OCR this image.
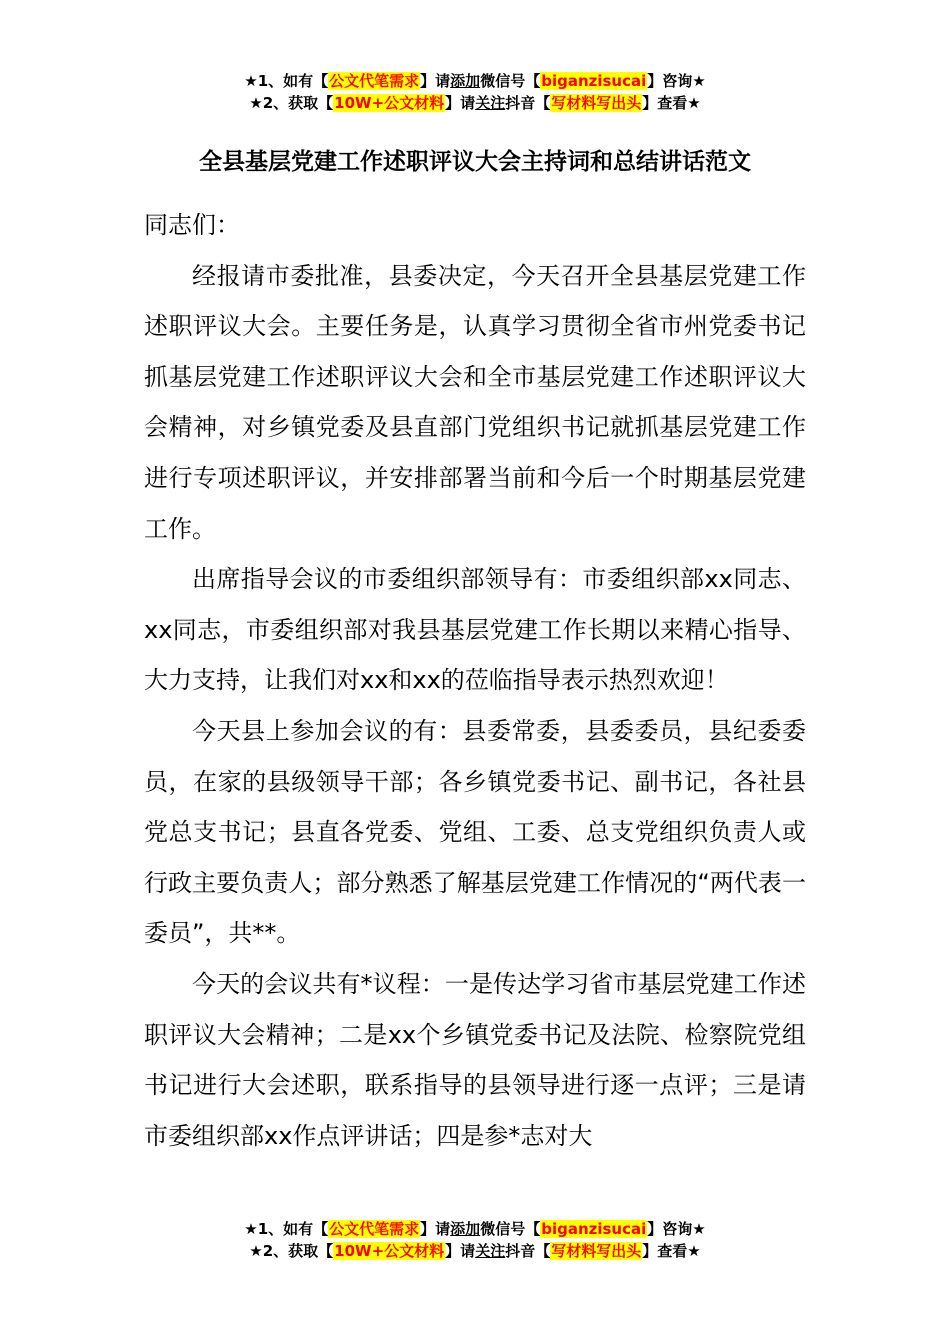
★1、如有【公文代笔需求】请添加微信号【biganzisucai】咨询★
★2、获取【10W+公文材料】请关注抖音【写材料写出头】查看★
全县基层党建工作述职评议大会主持词和总结讲话范文

同志们：

经报请市委批准，县委决定，今天召开全县基层党建工作述职评议大会。主要任务是，认真学习贯彻全省市州党委书记抓基层党建工作述职评议大会和全市基层党建工作述职评议大会精神，对乡镇党委及县直部门党组织书记就抓基层党建工作进行专项述职评议，并安排部署当前和今后一个时期基层党建工作。

出席指导会议的市委组织部领导有：市委组织部xx同志、xx同志，市委组织部对我县基层党建工作长期以来精心指导、大力支持，让我们对xx和xx的莅临指导表示热烈欢迎！

今天县上参加会议的有：县委常委，县委委员，县纪委委员，在家的县级领导干部；各乡镇党委书记、副书记，各社县党总支书记；县直各党委、党组、工委、总支党组织负责人或行政主要负责人；部分熟悉了解基层党建工作情况的“两代表一委员”，共**。

今天的会议共有*议程：一是传达学习省市基层党建工作述职评议大会精神；二是xx个乡镇党委书记及法院、检察院党组书记进行大会述职，联系指导的县领导进行逐一点评；三是请市委组织部xx作点评讲话；四是参*志对大

★1、如有【公文代笔需求】请添加微信号【biganzisucai】咨询★
★2、获取【10W+公文材料】请关注抖音【写材料写出头】查看★
